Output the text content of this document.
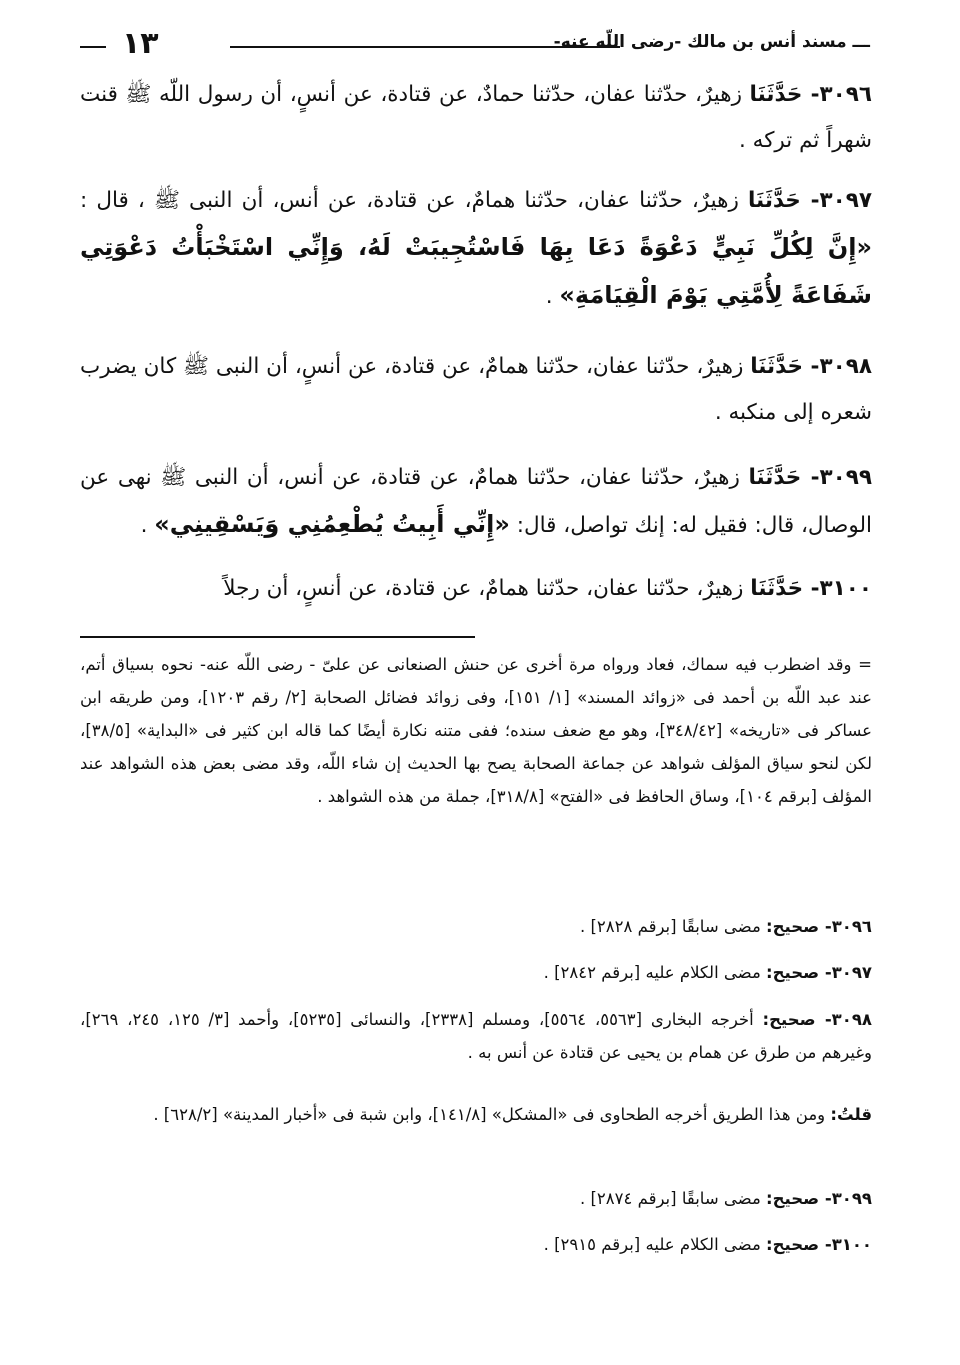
ـــ مسند أنس بن مالك -رضى اللّه عنه-
١٣

٣٠٩٦- حَدَّثَنَا زهيرٌ، حدّثنا عفان، حدّثنا حمادٌ، عن قتادة، عن أنسٍ، أن رسول اللّه ﷺ قنت شهراً ثم تركه .

٣٠٩٧- حَدَّثَنَا زهيرٌ، حدّثنا عفان، حدّثنا همامٌ، عن قتادة، عن أنس، أن النبى ﷺ ، قال : «إِنَّ لِكُلِّ نَبِيٍّ دَعْوَةً دَعَا بِهَا فَاسْتُجِيبَتْ لَهُ، وَإِنِّي اسْتَخْبَأْتُ دَعْوَتِي شَفَاعَةً لِأُمَّتِي يَوْمَ الْقِيَامَةِ» .

٣٠٩٨- حَدَّثَنَا زهيرٌ، حدّثنا عفان، حدّثنا همامٌ، عن قتادة، عن أنسٍ، أن النبى ﷺ كان يضرب شعره إلى منكبه .

٣٠٩٩- حَدَّثَنَا زهيرٌ، حدّثنا عفان، حدّثنا همامٌ، عن قتادة، عن أنس، أن النبى ﷺ نهى عن الوصال، قال: فقيل له: إنك تواصل، قال: «إِنِّي أَبِيتُ يُطْعِمُنِي وَيَسْقِينِي» .

٣١٠٠- حَدَّثَنَا زهيرٌ، حدّثنا عفان، حدّثنا همامٌ، عن قتادة، عن أنسٍ، أن رجلاً

= وقد اضطرب فيه سماك، فعاد ورواه مرة أخرى عن حنش الصنعانى عن علىّ - رضى اللّه عنه- نحوه بسياق أتم، عند عبد اللّه بن أحمد فى «زوائد المسند» [١/ ١٥١]، وفى زوائد فضائل الصحابة [٢/ رقم ١٢٠٣]، ومن طريقه ابن عساكر فى «تاريخه» [٣٤٨/٤٢]، وهو مع ضعف سنده؛ ففى متنه نكارة أيضًا كما قاله ابن كثير فى «البداية» [٣٨/٥]، لكن لنحو سياق المؤلف شواهد عن جماعة الصحابة يصح بها الحديث إن شاء اللّه، وقد مضى بعض هذه الشواهد عند المؤلف [برقم ١٠٤]، وساق الحافظ فى «الفتح» [٣١٨/٨]، جملة من هذه الشواهد .

٣٠٩٦- صحيح: مضى سابقًا [برقم ٢٨٢٨] .

٣٠٩٧- صحيح: مضى الكلام عليه [برقم ٢٨٤٢] .

٣٠٩٨- صحيح: أخرجه البخارى [٥٥٦٣، ٥٥٦٤]، ومسلم [٢٣٣٨]، والنسائى [٥٢٣٥]، وأحمد [٣/ ١٢٥، ٢٤٥، ٢٦٩]، وغيرهم من طرق عن همام بن يحيى عن قتادة عن أنس به .

قلتُ: ومن هذا الطريق أخرجه الطحاوى فى «المشكل» [١٤١/٨]، وابن شبة فى «أخبار المدينة» [٦٢٨/٢] .

٣٠٩٩- صحيح: مضى سابقًا [برقم ٢٨٧٤] .

٣١٠٠- صحيح: مضى الكلام عليه [برقم ٢٩١٥] .
